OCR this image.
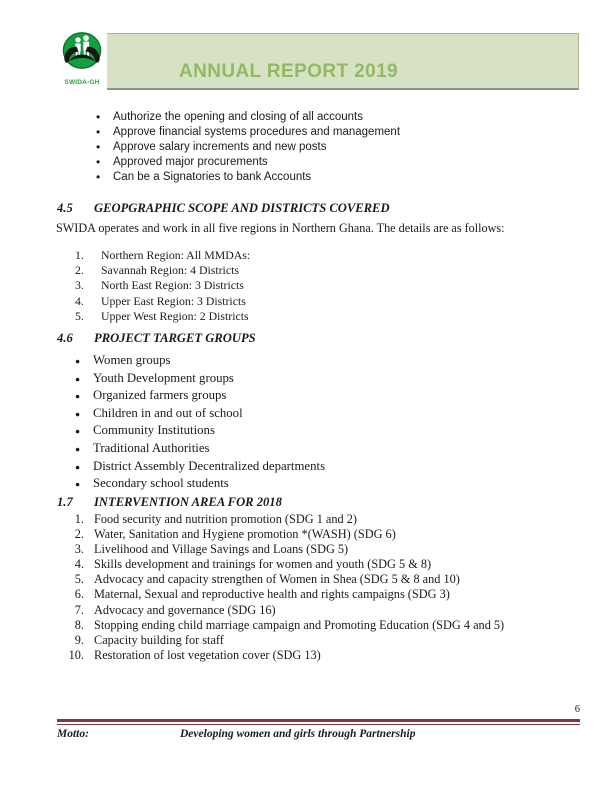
ANNUAL REPORT 2019
SWIDA-GH
• Authorize the opening and closing of all accounts
• Approve financial systems procedures and management
• Approve salary increments and new posts
• Approved major procurements
• Can be a Signatories to bank Accounts
4.5 GEOPGRAPHIC SCOPE AND DISTRICTS COVERED
SWIDA operates and work in all five regions in Northern Ghana. The details are as follows:
1.	Northern Region: All MMDAs:
2.	Savannah Region: 4 Districts
3.	North East Region: 3 Districts
4.	Upper East Region: 3 Districts
5.	Upper West Region: 2 Districts
4.6 PROJECT TARGET GROUPS
● Women groups
● Youth Development groups
● Organized farmers groups
● Children in and out of school
● Community Institutions
● Traditional Authorities
● District Assembly Decentralized departments
● Secondary school students
1.7 INTERVENTION AREA FOR 2018
1. Food security and nutrition promotion (SDG 1 and 2)
2. Water, Sanitation and Hygiene promotion *(WASH) (SDG 6)
3. Livelihood and Village Savings and Loans (SDG 5)
4. Skills development and trainings for women and youth (SDG 5 & 8)
5. Advocacy and capacity strengthen of Women in Shea (SDG 5 & 8 and 10)
6. Maternal, Sexual and reproductive health and rights campaigns (SDG 3)
7. Advocacy and governance (SDG 16)
8. Stopping ending child marriage campaign and Promoting Education (SDG 4 and 5)
9. Capacity building for staff
10. Restoration of lost vegetation cover (SDG 13)
6
Motto:	Developing women and girls through Partnership
